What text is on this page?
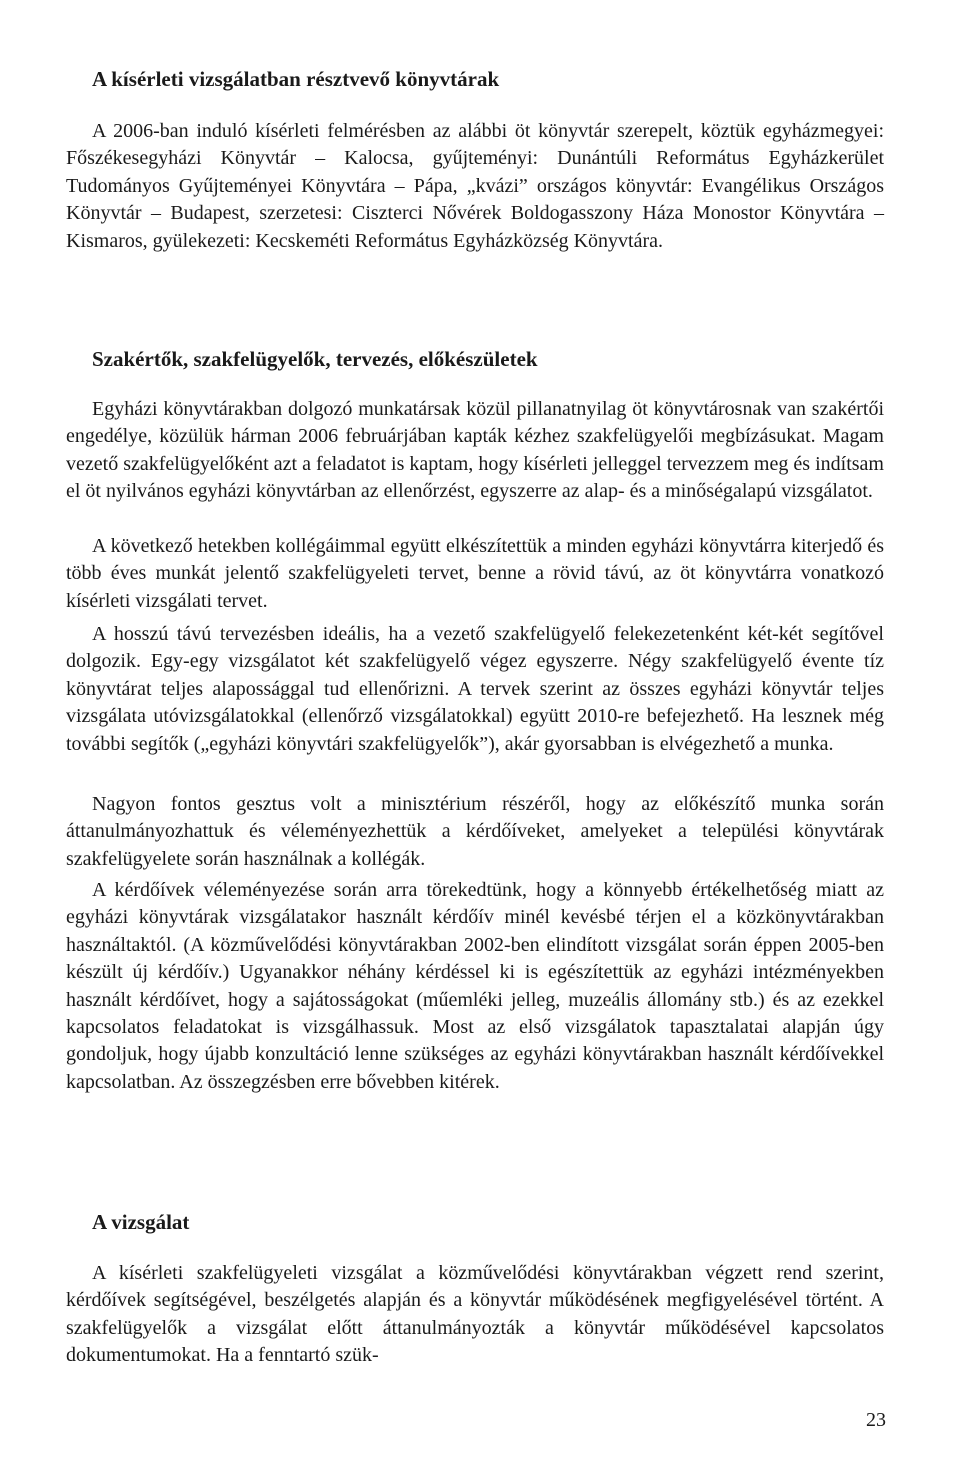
A kísérleti vizsgálatban résztvevő könyvtárak

A 2006-ban induló kísérleti felmérésben az alábbi öt könyvtár szerepelt, köztük egyházmegyei: Főszékesegyházi Könyvtár – Kalocsa, gyűjteményi: Dunántúli Református Egyházkerület Tudományos Gyűjteményei Könyvtára – Pápa, „kvázi” országos könyvtár: Evangélikus Országos Könyvtár – Budapest, szerzetesi: Ciszterci Nővérek Boldogasszony Háza Monostor Könyvtára – Kismaros, gyülekezeti: Kecskeméti Református Egyházközség Könyvtára.

Szakértők, szakfelügyelők, tervezés, előkészületek

Egyházi könyvtárakban dolgozó munkatársak közül pillanatnyilag öt könyvtárosnak van szakértői engedélye, közülük hárman 2006 februárjában kapták kézhez szakfelügyelői megbízásukat. Magam vezető szakfelügyelőként azt a feladatot is kaptam, hogy kísérleti jelleggel tervezzem meg és indítsam el öt nyilvános egyházi könyvtárban az ellenőrzést, egyszerre az alap- és a minőségalapú vizsgálatot.

A következő hetekben kollégáimmal együtt elkészítettük a minden egyházi könyvtárra kiterjedő és több éves munkát jelentő szakfelügyeleti tervet, benne a rövid távú, az öt könyvtárra vonatkozó kísérleti vizsgálati tervet.

A hosszú távú tervezésben ideális, ha a vezető szakfelügyelő felekezetenként két-két segítővel dolgozik. Egy-egy vizsgálatot két szakfelügyelő végez egyszerre. Négy szakfelügyelő évente tíz könyvtárat teljes alapossággal tud ellenőrizni. A tervek szerint az összes egyházi könyvtár teljes vizsgálata utóvizsgálatokkal (ellenőrző vizsgálatokkal) együtt 2010-re befejezhető. Ha lesznek még további segítők („egyházi könyvtári szakfelügyelők”), akár gyorsabban is elvégezhető a munka.

Nagyon fontos gesztus volt a minisztérium részéről, hogy az előkészítő munka során áttanulmányozhattuk és véleményezhettük a kérdőíveket, amelyeket a települési könyvtárak szakfelügyelete során használnak a kollégák.

A kérdőívek véleményezése során arra törekedtünk, hogy a könnyebb értékelhetőség miatt az egyházi könyvtárak vizsgálatakor használt kérdőív minél kevésbé térjen el a közkönyvtárakban használtaktól. (A közművelődési könyvtárakban 2002-ben elindított vizsgálat során éppen 2005-ben készült új kérdőív.) Ugyanakkor néhány kérdéssel ki is egészítettük az egyházi intézményekben használt kérdőívet, hogy a sajátosságokat (műemléki jelleg, muzeális állomány stb.) és az ezekkel kapcsolatos feladatokat is vizsgálhassuk. Most az első vizsgálatok tapasztalatai alapján úgy gondoljuk, hogy újabb konzultáció lenne szükséges az egyházi könyvtárakban használt kérdőívekkel kapcsolatban. Az összegzésben erre bővebben kitérek.

A vizsgálat

A kísérleti szakfelügyeleti vizsgálat a közművelődési könyvtárakban végzett rend szerint, kérdőívek segítségével, beszélgetés alapján és a könyvtár működésének megfigyelésével történt. A szakfelügyelők a vizsgálat előtt áttanulmányozták a könyvtár működésével kapcsolatos dokumentumokat. Ha a fenntartó szük-

23
